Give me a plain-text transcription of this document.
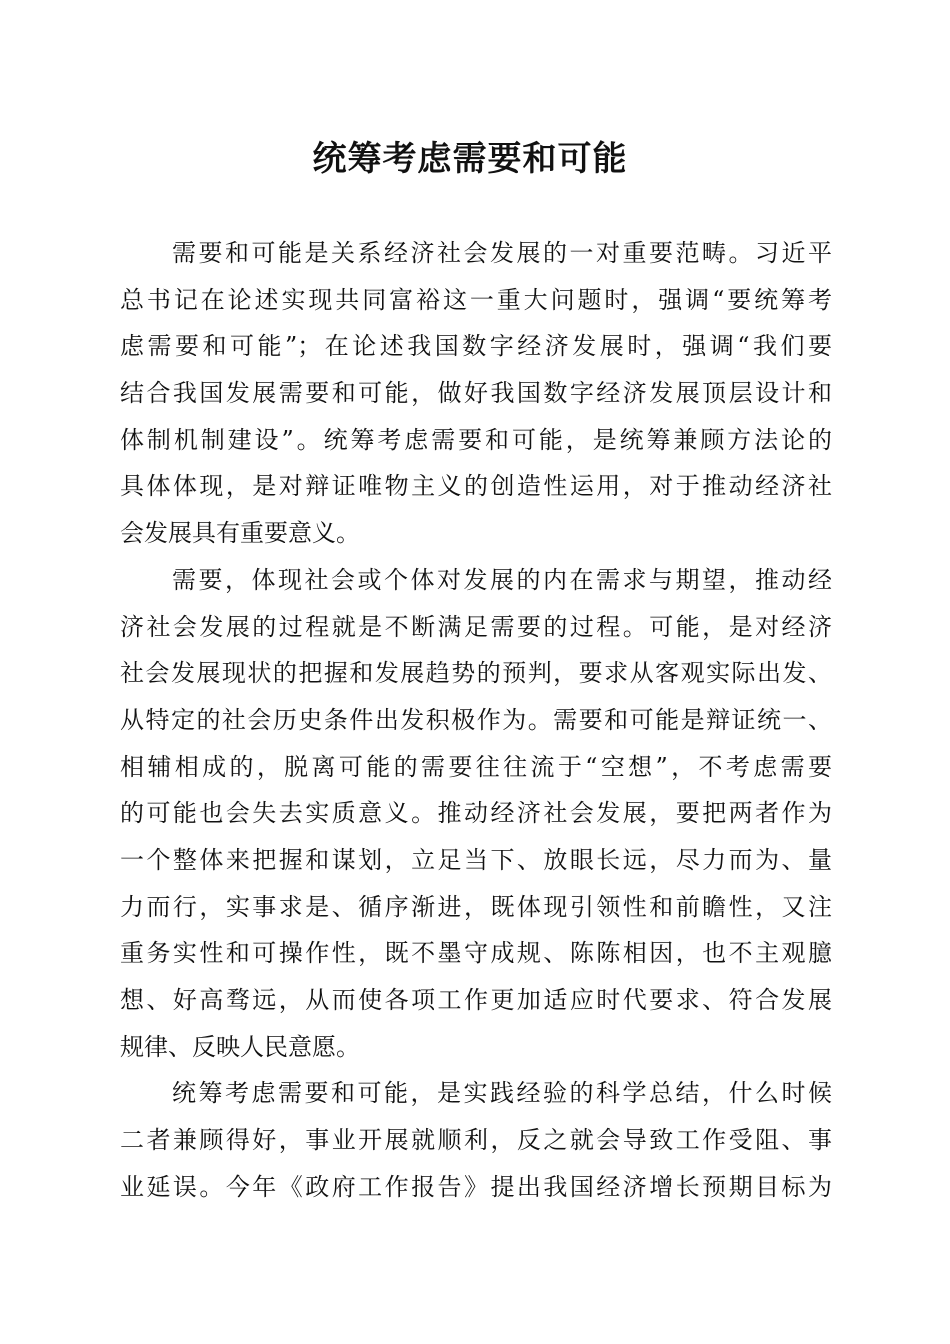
统筹考虑需要和可能
需要和可能是关系经济社会发展的一对重要范畴。习近平
总书记在论述实现共同富裕这一重大问题时，强调“要统筹考
虑需要和可能”；在论述我国数字经济发展时，强调“我们要
结合我国发展需要和可能，做好我国数字经济发展顶层设计和
体制机制建设”。统筹考虑需要和可能，是统筹兼顾方法论的
具体体现，是对辩证唯物主义的创造性运用，对于推动经济社
会发展具有重要意义。
需要，体现社会或个体对发展的内在需求与期望，推动经
济社会发展的过程就是不断满足需要的过程。可能，是对经济
社会发展现状的把握和发展趋势的预判，要求从客观实际出发、
从特定的社会历史条件出发积极作为。需要和可能是辩证统一、
相辅相成的，脱离可能的需要往往流于“空想”，不考虑需要
的可能也会失去实质意义。推动经济社会发展，要把两者作为
一个整体来把握和谋划，立足当下、放眼长远，尽力而为、量
力而行，实事求是、循序渐进，既体现引领性和前瞻性，又注
重务实性和可操作性，既不墨守成规、陈陈相因，也不主观臆
想、好高骛远，从而使各项工作更加适应时代要求、符合发展
规律、反映人民意愿。
统筹考虑需要和可能，是实践经验的科学总结，什么时候
二者兼顾得好，事业开展就顺利，反之就会导致工作受阻、事
业延误。今年《政府工作报告》提出我国经济增长预期目标为
